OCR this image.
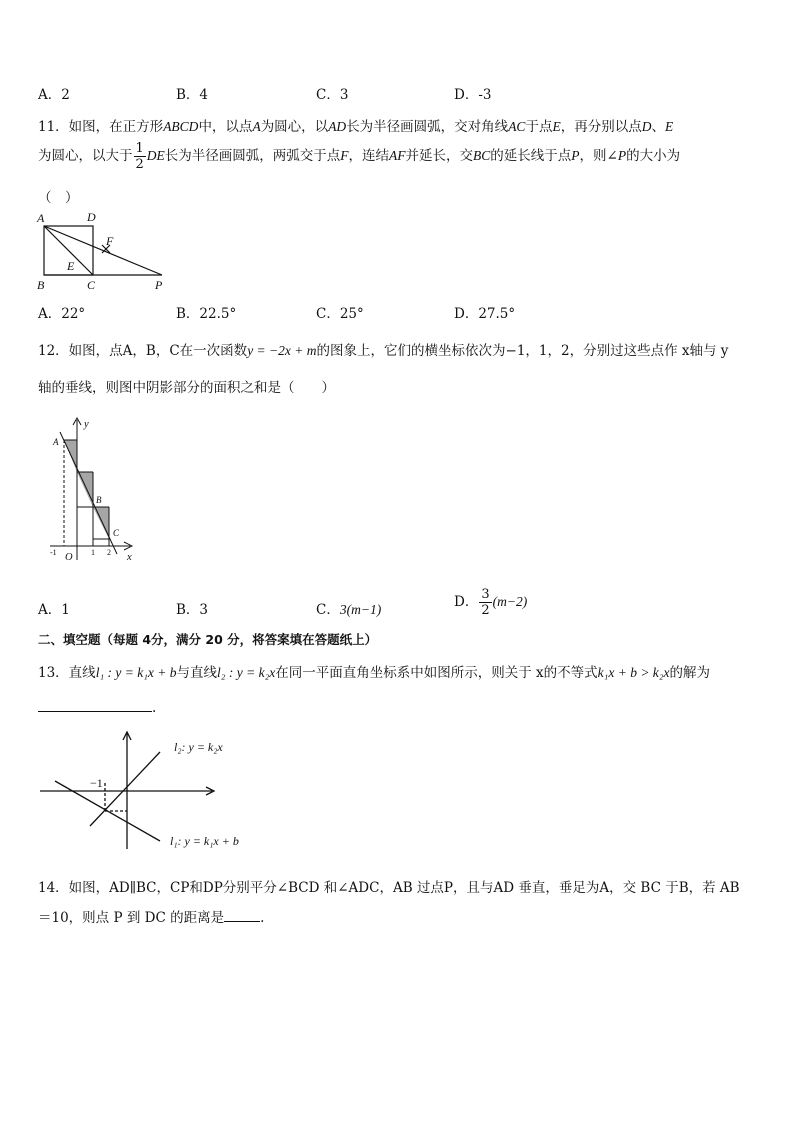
A．2	B．4	C．3	D．-3
11．如图，在正方形ABCD中，以点A为圆心，以AD长为半径画圆弧，交对角线AC于点E，再分别以点D、E
为圆心，以大于 $\frac{1}{2}$ DE长为半径画圆弧，两弧交于点F，连结AF并延长，交BC的延长线于点P，则∠P的大小为
（　）
A	D
F
E
B	C	P
A．22°	B．22.5°	C．25°	D．27.5°
12．如图，点A，B，C在一次函数y = −2x + m的图象上，它们的横坐标依次为−1，1，2，分别过这些点作 x轴与 y
轴的垂线，则图中阴影部分的面积之和是（　　）
y
x
A
B
C
O
-1	1 2
A．1	B．3	C．3(m−1)	D． $\frac{3}{2} (m-2)$
二、填空题（每题 4分，满分 20 分，将答案填在答题纸上）
13．直线l₁ : y = k₁x + b与直线l₂ : y = k₂x在同一平面直角坐标系中如图所示，则关于 x的不等式k₁x + b > k₂x的解为
.
−1
l₂: y = k₂x
l₁: y = k₁x + b
14．如图，AD∥BC，CP和DP分别平分∠BCD 和∠ADC，AB 过点P，且与AD 垂直，垂足为A，交 BC 于B，若 AB
＝10，则点 P 到 DC 的距离是	.
